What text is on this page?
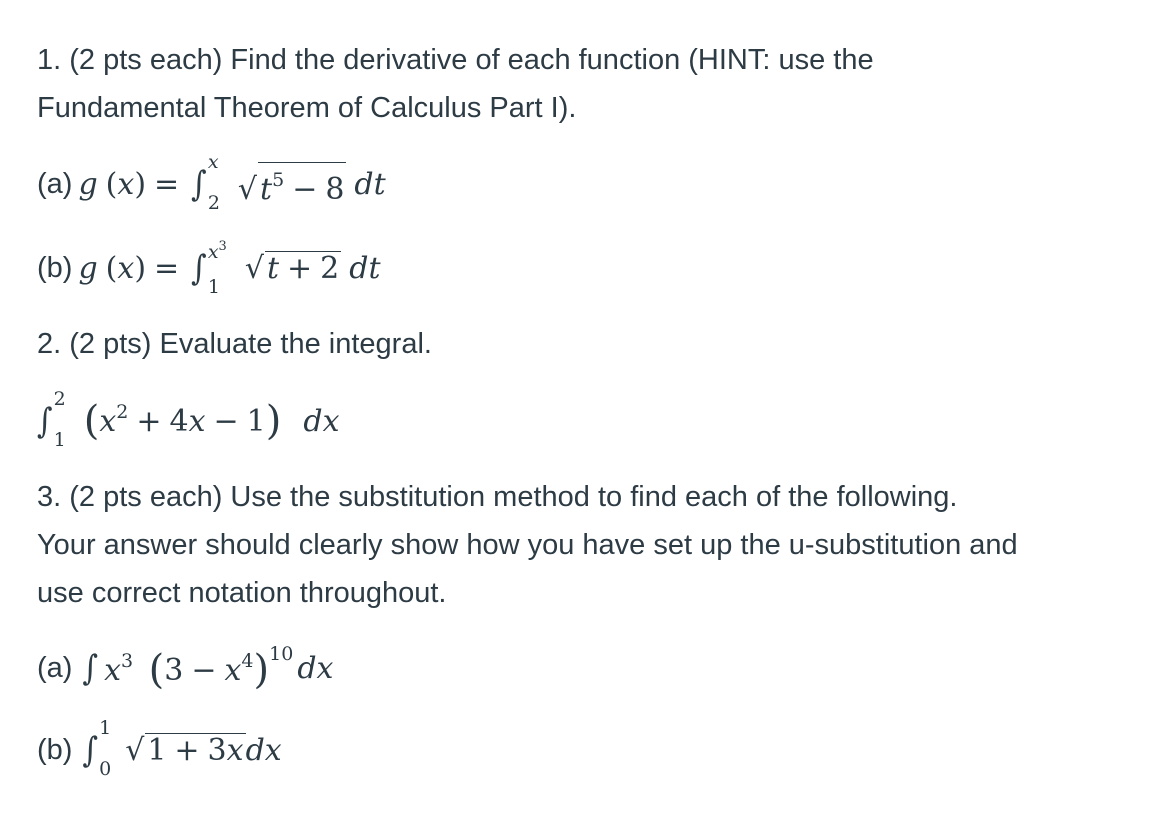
1. (2 pts each) Find the derivative of each function (HINT: use the
Fundamental Theorem of Calculus Part I).
(a) g (x) = ∫
x
2 √ $t^5 - 8$ dt
(b) g (x) = ∫ $x^3$
1
√ t + 2 dt
2. (2 pts) Evaluate the integral.
∫
2
1 $(x^2 + 4x - 1)$ dx
3. (2 pts each) Use the substitution method to find each of the following.
Your answer should clearly show how you have set up the u-substitution and
use correct notation throughout.
(a) ∫ $x^3$ $(3 - x^4)^{10}$ dx
(b) ∫
1
0
√ 1 + 3x dx
